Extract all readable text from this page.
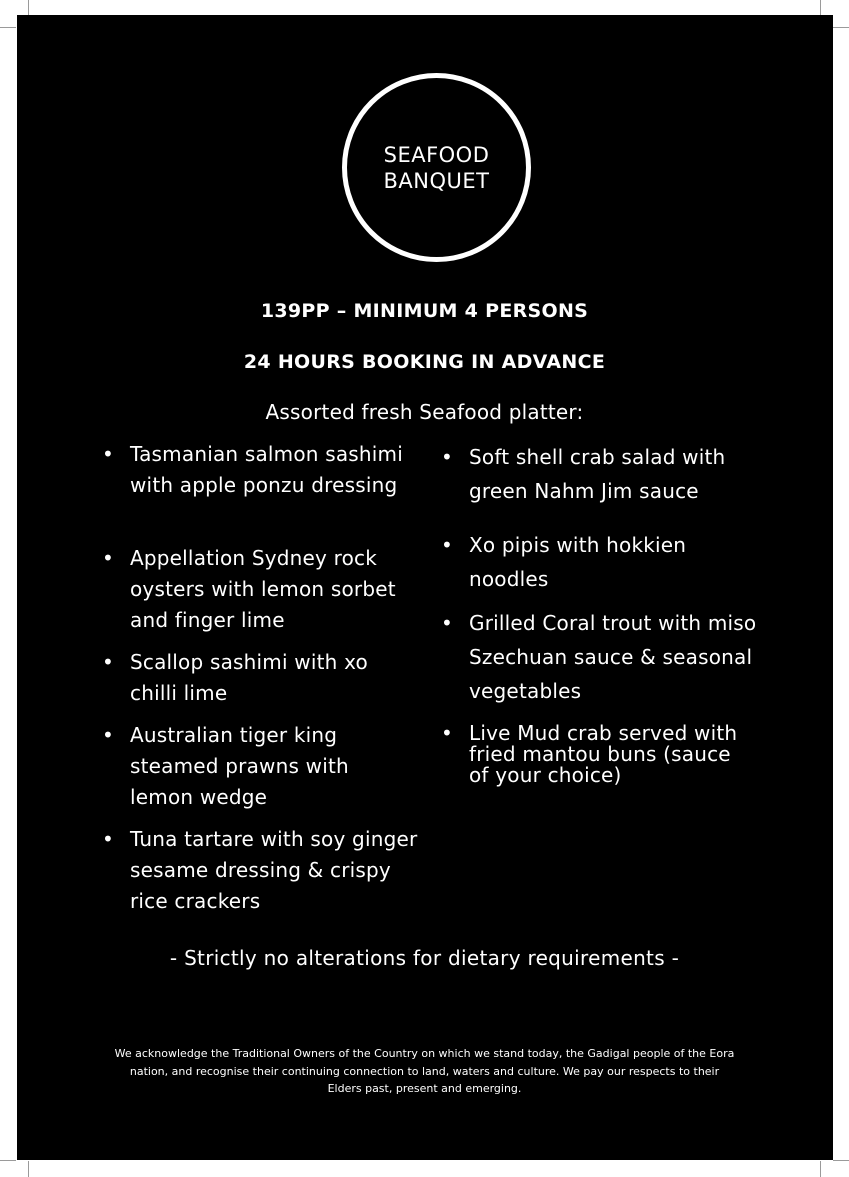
SEAFOOD
BANQUET
139PP – MINIMUM 4 PERSONS
24 HOURS BOOKING IN ADVANCE
Assorted fresh Seafood platter:
• Tasmanian salmon sashimi with apple ponzu dressing
• Appellation Sydney rock oysters with lemon sorbet and finger lime
• Scallop sashimi with xo chilli lime
• Australian tiger king steamed prawns with lemon wedge
• Tuna tartare with soy ginger sesame dressing & crispy rice crackers
• Soft shell crab salad with green Nahm Jim sauce
• Xo pipis with hokkien noodles
• Grilled Coral trout with miso Szechuan sauce & seasonal vegetables
• Live Mud crab served with fried mantou buns (sauce of your choice)
- Strictly no alterations for dietary requirements -
We acknowledge the Traditional Owners of the Country on which we stand today, the Gadigal people of the Eora nation, and recognise their continuing connection to land, waters and culture. We pay our respects to their Elders past, present and emerging.
